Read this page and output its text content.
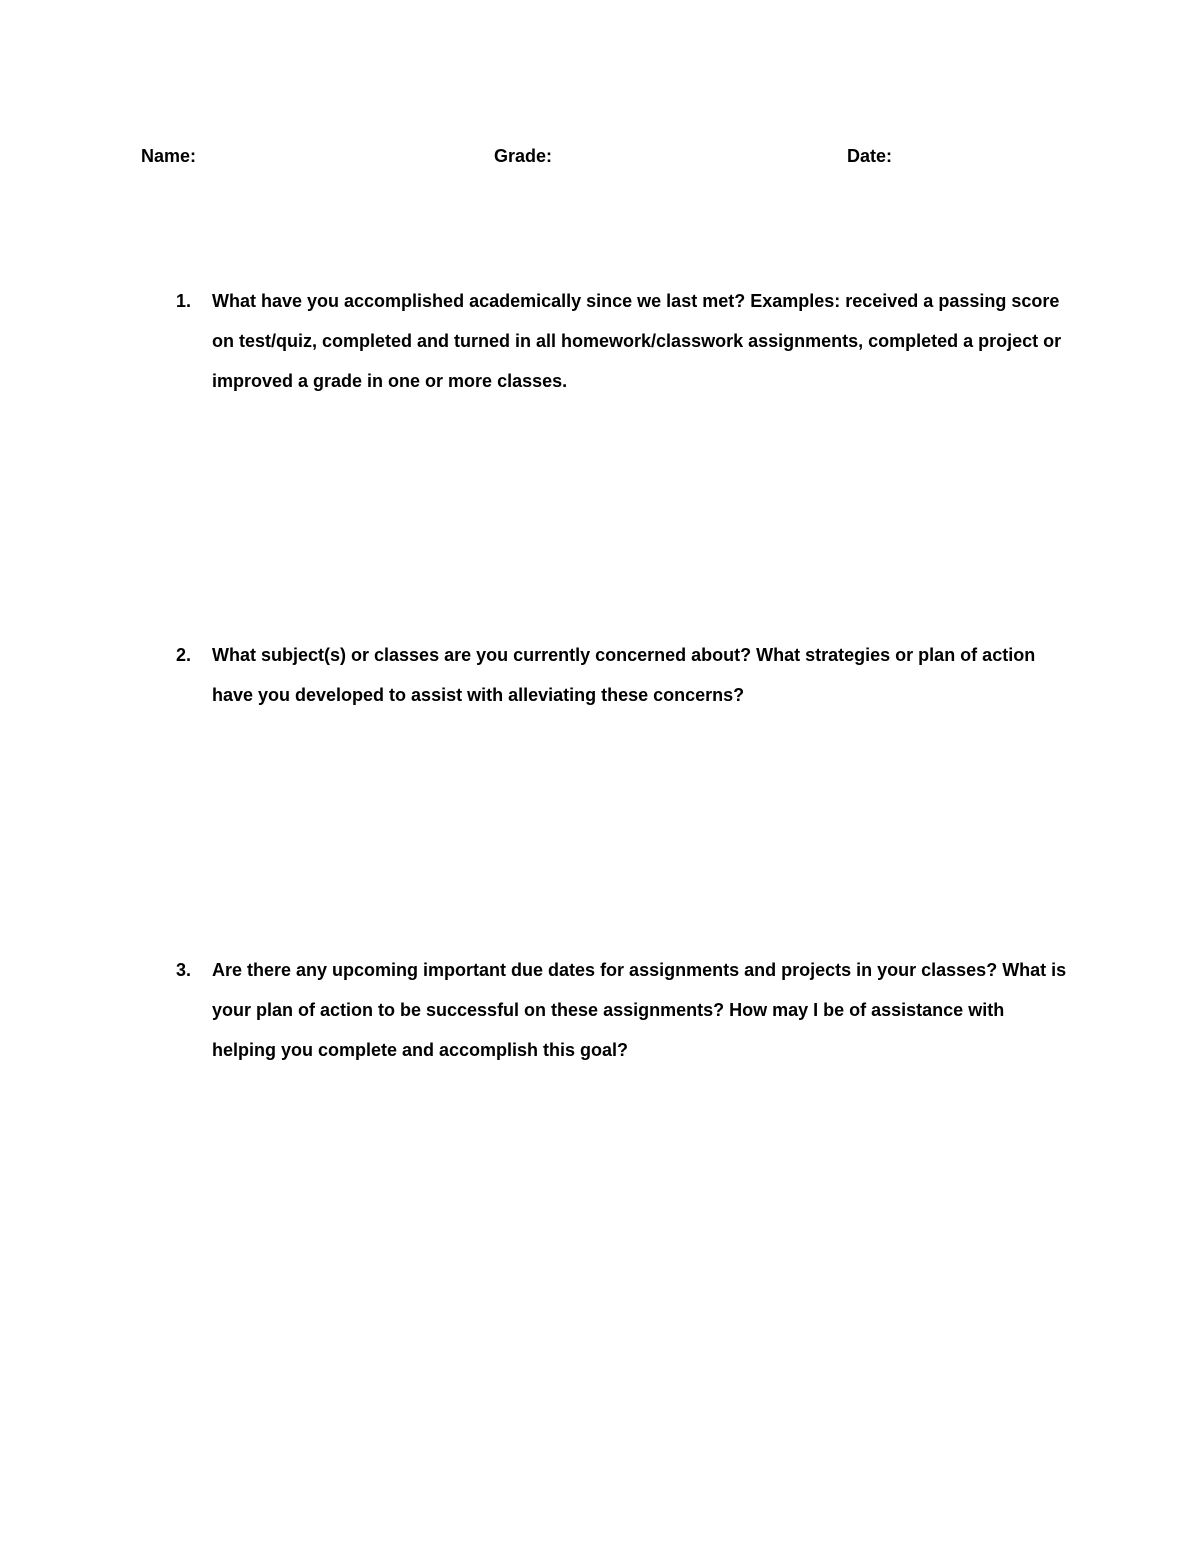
Name:	Grade:	Date:
1.	What have you accomplished academically since we last met? Examples: received a passing score on test/quiz, completed and turned in all homework/classwork assignments, completed a project or improved a grade in one or more classes.
2.	What subject(s) or classes are you currently concerned about? What strategies or plan of action have you developed to assist with alleviating these concerns?
3.	Are there any upcoming important due dates for assignments and projects in your classes? What is your plan of action to be successful on these assignments? How may I be of assistance with helping you complete and accomplish this goal?
